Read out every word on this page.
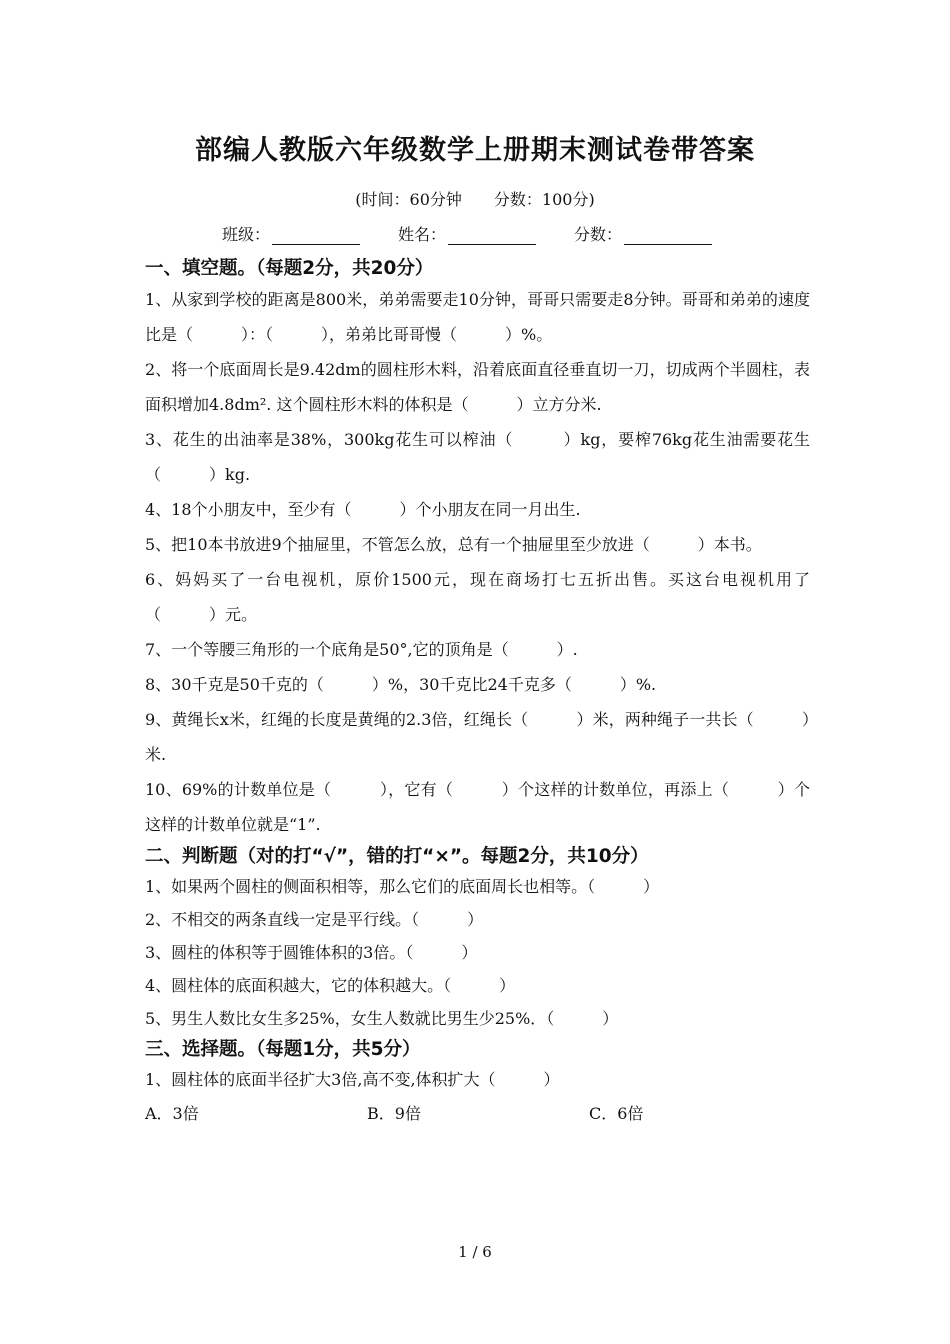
部编人教版六年级数学上册期末测试卷带答案
(时间：60分钟　　分数：100分)
班级：	姓名：	分数：
一、填空题。（每题2分，共20分）

1、从家到学校的距离是800米，弟弟需要走10分钟，哥哥只需要走8分钟。哥哥和弟弟的速度比是（　　　）：（　　　），弟弟比哥哥慢（　　　）%。

2、将一个底面周长是9.42dm的圆柱形木料，沿着底面直径垂直切一刀，切成两个半圆柱，表面积增加4.8dm². 这个圆柱形木料的体积是（　　　）立方分米.

3、花生的出油率是38%，300kg花生可以榨油（　　　）kg，要榨76kg花生油需要花生（　　　）kg.

4、18个小朋友中，至少有（　　　）个小朋友在同一月出生.

5、把10本书放进9个抽屉里，不管怎么放，总有一个抽屉里至少放进（　　　）本书。

6、妈妈买了一台电视机，原价1500元，现在商场打七五折出售。买这台电视机用了（　　　）元。

7、一个等腰三角形的一个底角是50°,它的顶角是（　　　）.

8、30千克是50千克的（　　　）%，30千克比24千克多（　　　）%.

9、黄绳长x米，红绳的长度是黄绳的2.3倍，红绳长（　　　）米，两种绳子一共长（　　　）米.

10、69%的计数单位是（　　　），它有（　　　）个这样的计数单位，再添上（　　　）个这样的计数单位就是“1”.

二、判断题（对的打“√”，错的打“×”。每题2分，共10分）

1、如果两个圆柱的侧面积相等，那么它们的底面周长也相等。（　　　）

2、不相交的两条直线一定是平行线。（　　　）

3、圆柱的体积等于圆锥体积的3倍。（　　　）

4、圆柱体的底面积越大，它的体积越大。（　　　）

5、男生人数比女生多25%，女生人数就比男生少25%．（　　　）

三、选择题。（每题1分，共5分）

1、圆柱体的底面半径扩大3倍,高不变,体积扩大（　　　）

A．3倍	B．9倍	C．6倍
1 / 6
